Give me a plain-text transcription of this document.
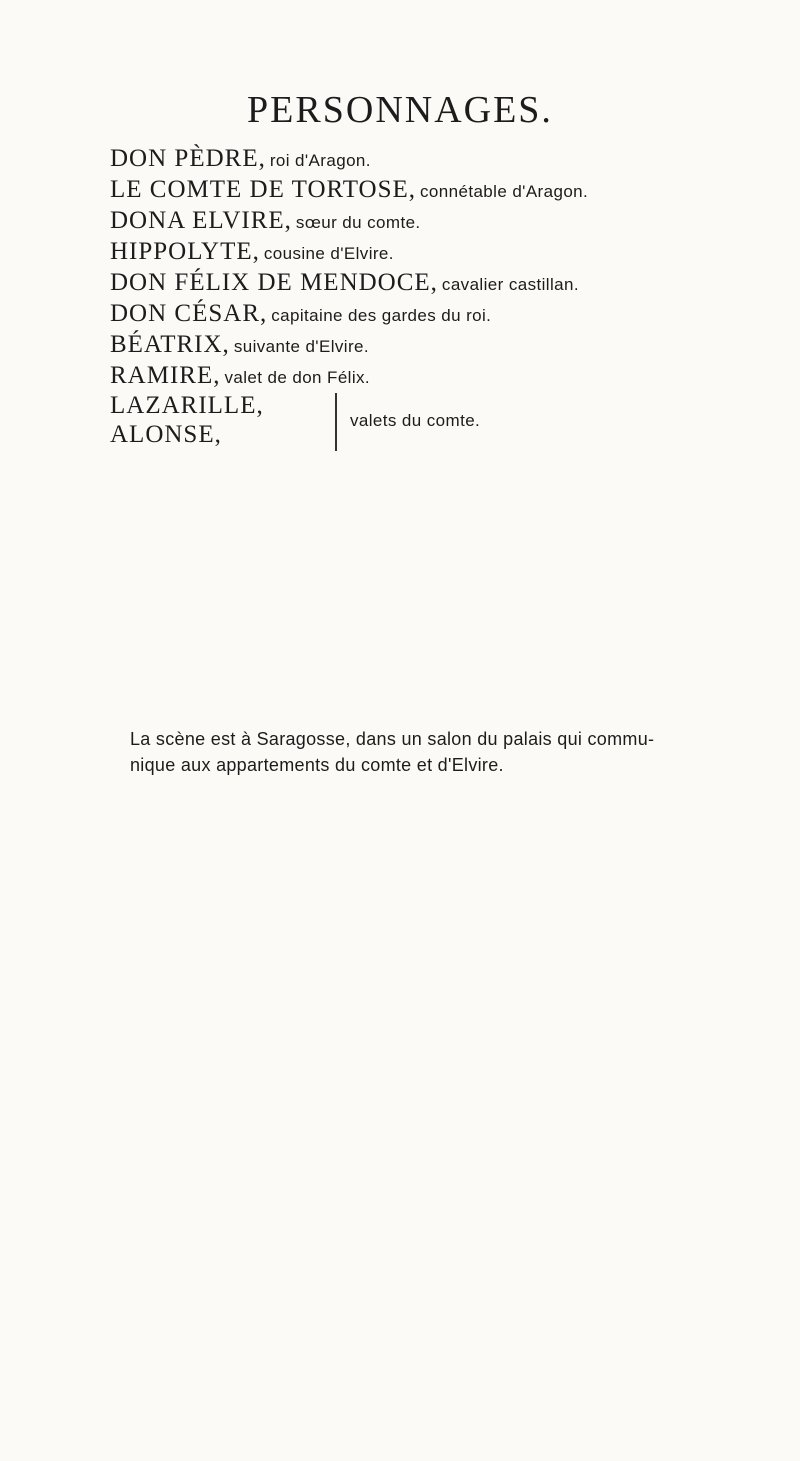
PERSONNAGES.
DON PÈDRE, roi d'Aragon.
LE COMTE DE TORTOSE, connétable d'Aragon.
DONA ELVIRE, sœur du comte.
HIPPOLYTE, cousine d'Elvire.
DON FÉLIX DE MENDOCE, cavalier castillan.
DON CÉSAR, capitaine des gardes du roi.
BÉATRIX, suivante d'Elvire.
RAMIRE, valet de don Félix.
LAZARILLE,
ALONSE,
valets du comte.

La scène est à Saragosse, dans un salon du palais qui commu-

nique aux appartements du comte et d'Elvire.
